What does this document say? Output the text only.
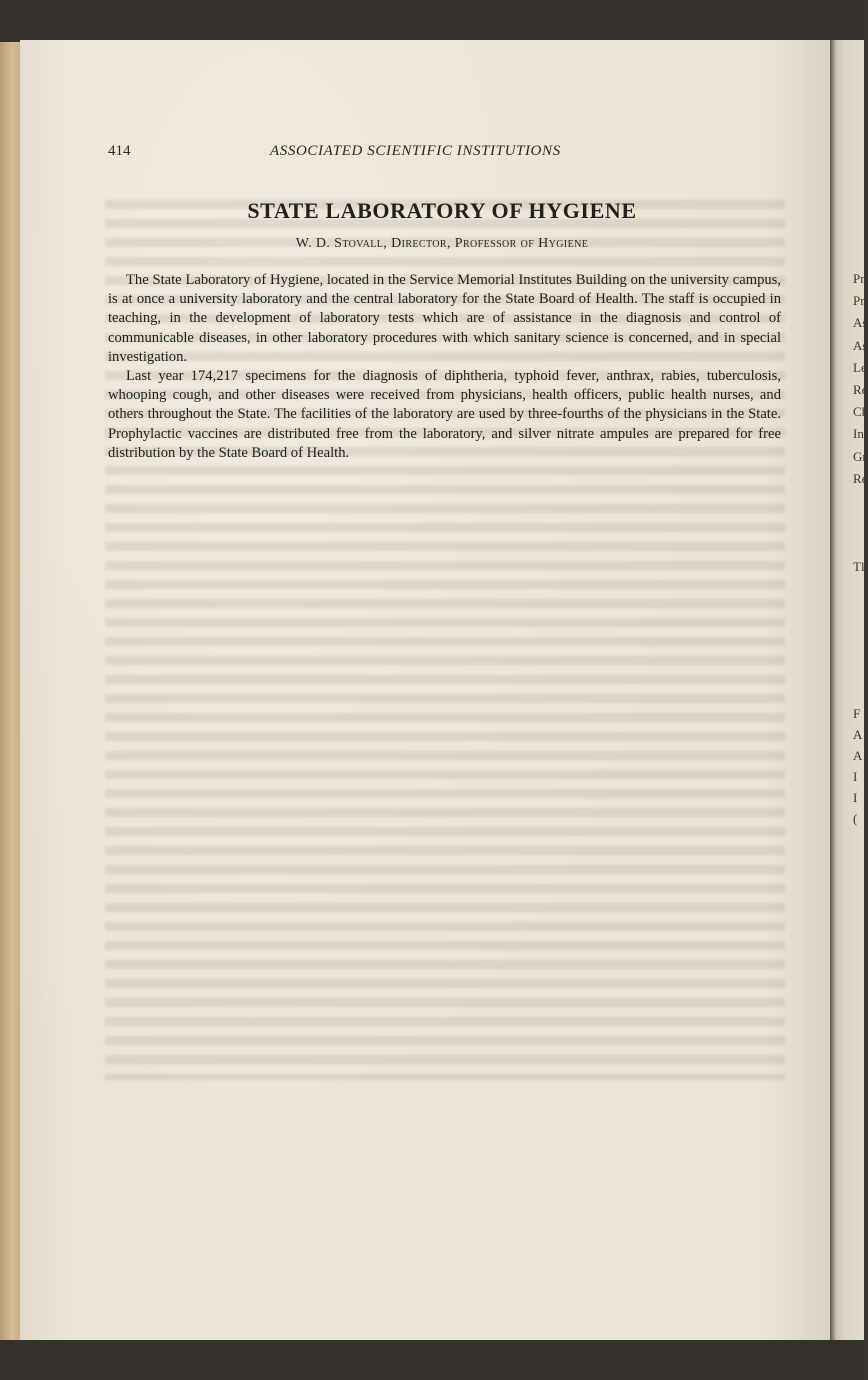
414	ASSOCIATED SCIENTIFIC INSTITUTIONS
STATE LABORATORY OF HYGIENE
W. D. Stovall, Director, Professor of Hygiene

The State Laboratory of Hygiene, located in the Service Memorial Institutes Building on the university campus, is at once a university laboratory and the central laboratory for the State Board of Health. The staff is occupied in teaching, in the development of laboratory tests which are of assistance in the diagnosis and control of communicable diseases, in other laboratory procedures with which sanitary science is concerned, and in special investigation.

Last year 174,217 specimens for the diagnosis of diphtheria, typhoid fever, anthrax, rabies, tuberculosis, whooping cough, and other diseases were received from physicians, health officers, public health nurses, and others throughout the State. The facilities of the laboratory are used by three-fourths of the physicians in the State. Prophylactic vaccines are distributed free from the laboratory, and silver nitrate ampules are prepared for free distribution by the State Board of Health.

Pr
Pr
As
As
Le
Re
Ch
In
Gr
Re
Tl
F
A
A
I
I
(
